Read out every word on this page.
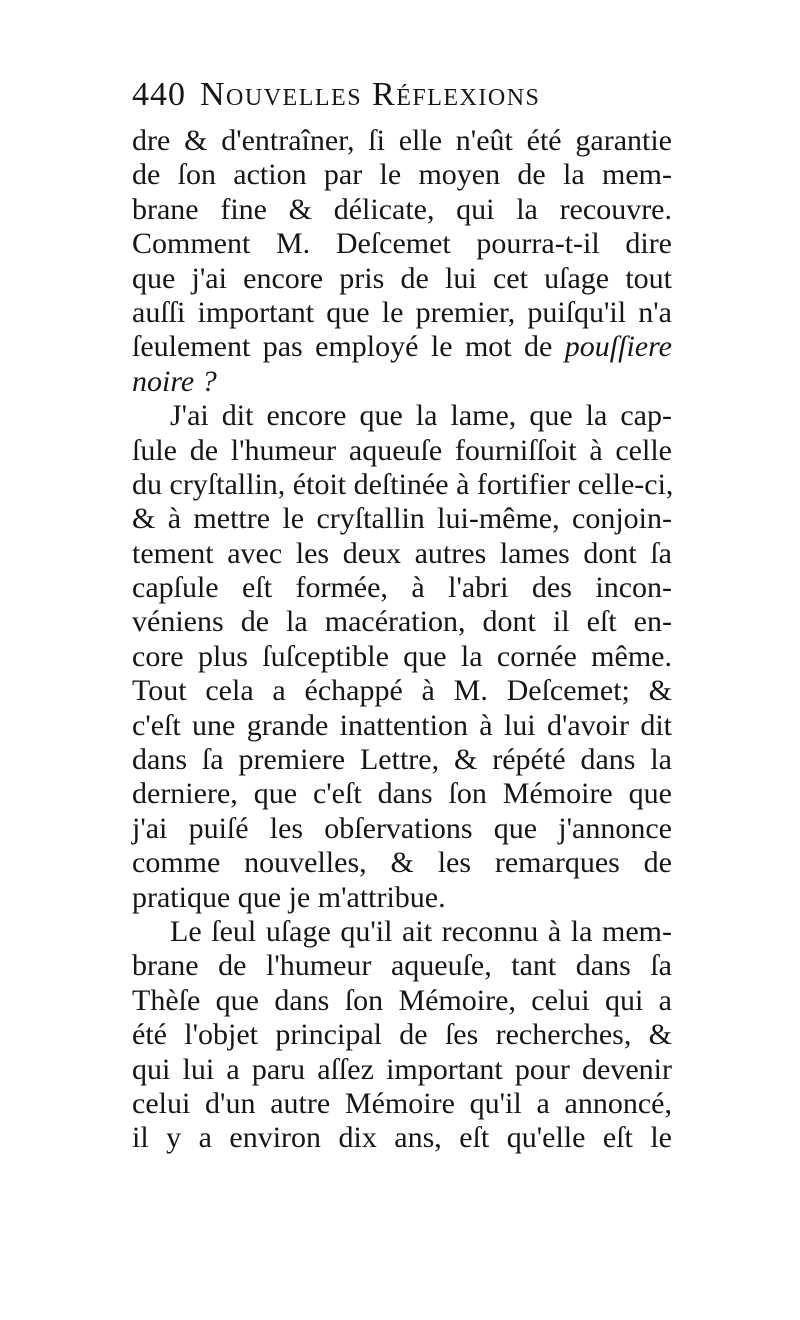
440 Nouvelles Réflexions
dre & d'entraîner, ſi elle n'eût été garantie
de ſon action par le moyen de la mem-
brane fine & délicate, qui la recouvre.
Comment M. Deſcemet pourra-t-il dire
que j'ai encore pris de lui cet uſage tout
auſſi important que le premier, puiſqu'il n'a
ſeulement pas employé le mot de pouſſiere
noire ?
J'ai dit encore que la lame, que la cap-
ſule de l'humeur aqueuſe fourniſſoit à celle
du cryſtallin, étoit deſtinée à fortifier celle-ci,
& à mettre le cryſtallin lui-même, conjoin-
tement avec les deux autres lames dont ſa
capſule eſt formée, à l'abri des incon-
véniens de la macération, dont il eſt en-
core plus ſuſceptible que la cornée même.
Tout cela a échappé à M. Deſcemet; &
c'eſt une grande inattention à lui d'avoir dit
dans ſa premiere Lettre, & répété dans la
derniere, que c'eſt dans ſon Mémoire que
j'ai puiſé les obſervations que j'annonce
comme nouvelles, & les remarques de
pratique que je m'attribue.
Le ſeul uſage qu'il ait reconnu à la mem-
brane de l'humeur aqueuſe, tant dans ſa
Thèſe que dans ſon Mémoire, celui qui a
été l'objet principal de ſes recherches, &
qui lui a paru aſſez important pour devenir
celui d'un autre Mémoire qu'il a annoncé,
il y a environ dix ans, eſt qu'elle eſt le
